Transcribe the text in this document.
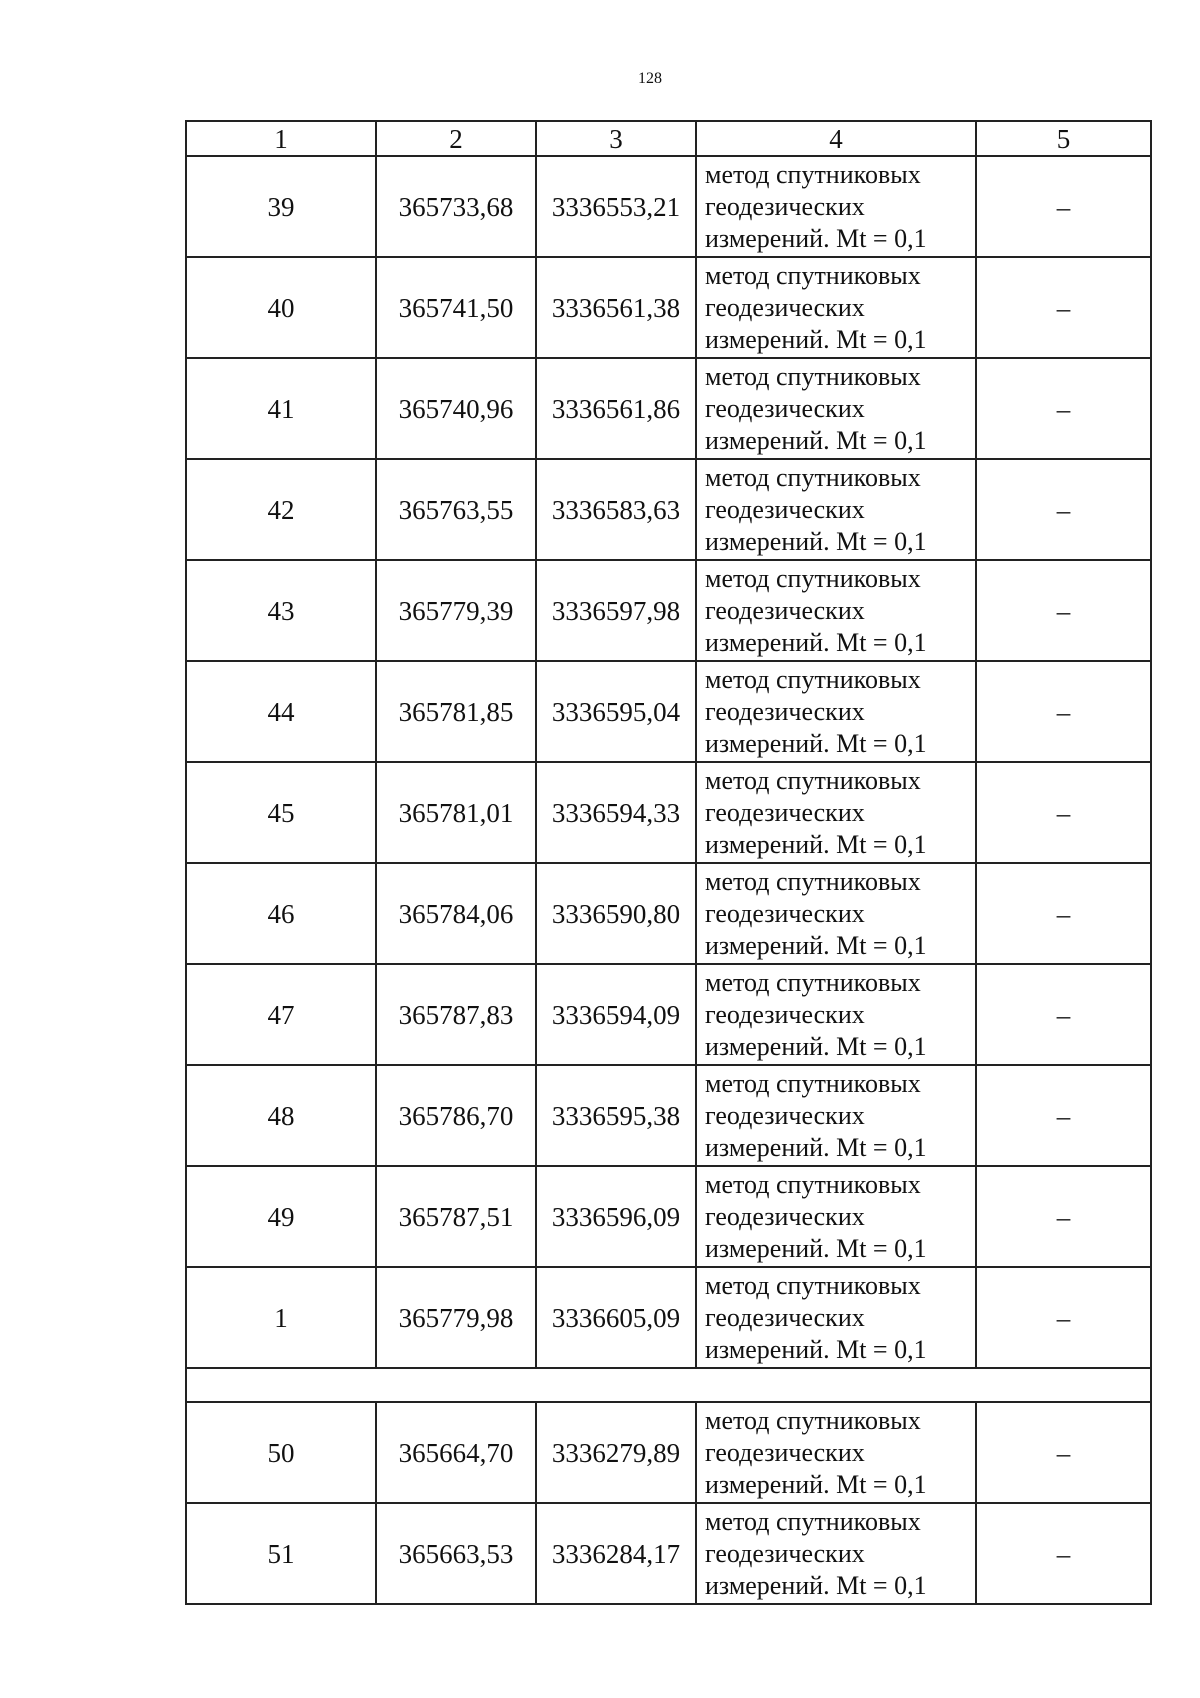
128
1	2	3	4	5
39	365733,68	3336553,21	метод спутниковых
геодезических
измерений. Mt = 0,1	–
40	365741,50	3336561,38	метод спутниковых
геодезических
измерений. Mt = 0,1	–
41	365740,96	3336561,86	метод спутниковых
геодезических
измерений. Mt = 0,1	–
42	365763,55	3336583,63	метод спутниковых
геодезических
измерений. Mt = 0,1	–
43	365779,39	3336597,98	метод спутниковых
геодезических
измерений. Mt = 0,1	–
44	365781,85	3336595,04	метод спутниковых
геодезических
измерений. Mt = 0,1	–
45	365781,01	3336594,33	метод спутниковых
геодезических
измерений. Mt = 0,1	–
46	365784,06	3336590,80	метод спутниковых
геодезических
измерений. Mt = 0,1	–
47	365787,83	3336594,09	метод спутниковых
геодезических
измерений. Mt = 0,1	–
48	365786,70	3336595,38	метод спутниковых
геодезических
измерений. Mt = 0,1	–
49	365787,51	3336596,09	метод спутниковых
геодезических
измерений. Mt = 0,1	–
1	365779,98	3336605,09	метод спутниковых
геодезических
измерений. Mt = 0,1	–

50	365664,70	3336279,89	метод спутниковых
геодезических
измерений. Mt = 0,1	–
51	365663,53	3336284,17	метод спутниковых
геодезических
измерений. Mt = 0,1	–
